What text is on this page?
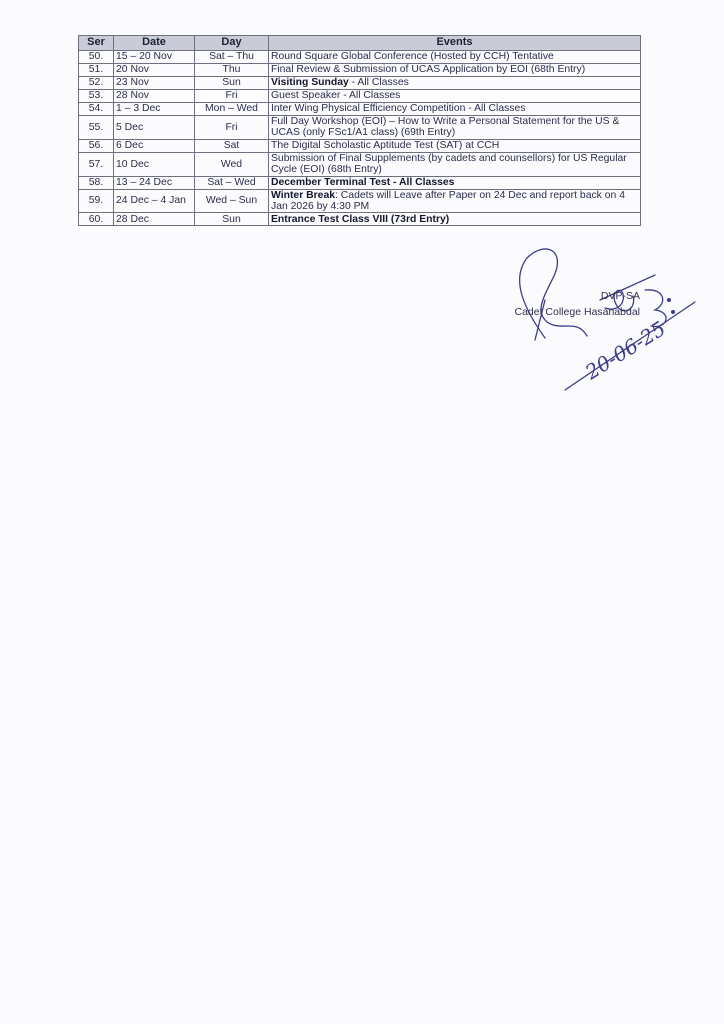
Ser	Date	Day	Events
50.	15 – 20 Nov	Sat – Thu	Round Square Global Conference (Hosted by CCH) Tentative
51.	20 Nov	Thu	Final Review & Submission of UCAS Application by EOI (68th Entry)
52.	23 Nov	Sun	Visiting Sunday - All Classes
53.	28 Nov	Fri	Guest Speaker - All Classes
54.	1 – 3 Dec	Mon – Wed	Inter Wing Physical Efficiency Competition - All Classes
55.	5 Dec	Fri	Full Day Workshop (EOI) – How to Write a Personal Statement for the US & UCAS (only FSc1/A1 class) (69th Entry)
56.	6 Dec	Sat	The Digital Scholastic Aptitude Test (SAT) at CCH
57.	10 Dec	Wed	Submission of Final Supplements (by cadets and counsellors) for US Regular Cycle (EOI) (68th Entry)
58.	13 – 24 Dec	Sat – Wed	December Terminal Test - All Classes
59.	24 Dec – 4 Jan	Wed – Sun	Winter Break: Cadets will Leave after Paper on 24 Dec and report back on 4 Jan 2026 by 4:30 PM
60.	28 Dec	Sun	Entrance Test Class VIII (73rd Entry)
20-06-25
DVP-SA
Cadet College Hasanabdal
